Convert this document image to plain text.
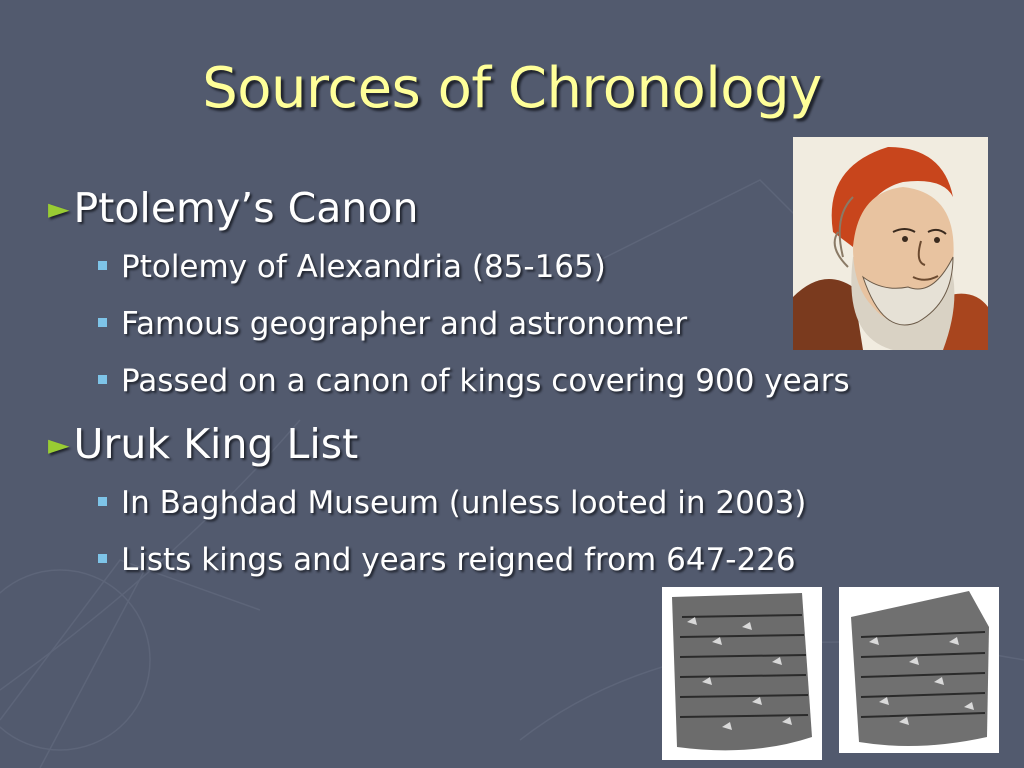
Sources of Chronology
►Ptolemy’s Canon
Ptolemy of Alexandria (85-165)
Famous geographer and astronomer
Passed on a canon of kings covering 900 years
►Uruk King List
In Baghdad Museum (unless looted in 2003)
Lists kings and years reigned from 647-226
